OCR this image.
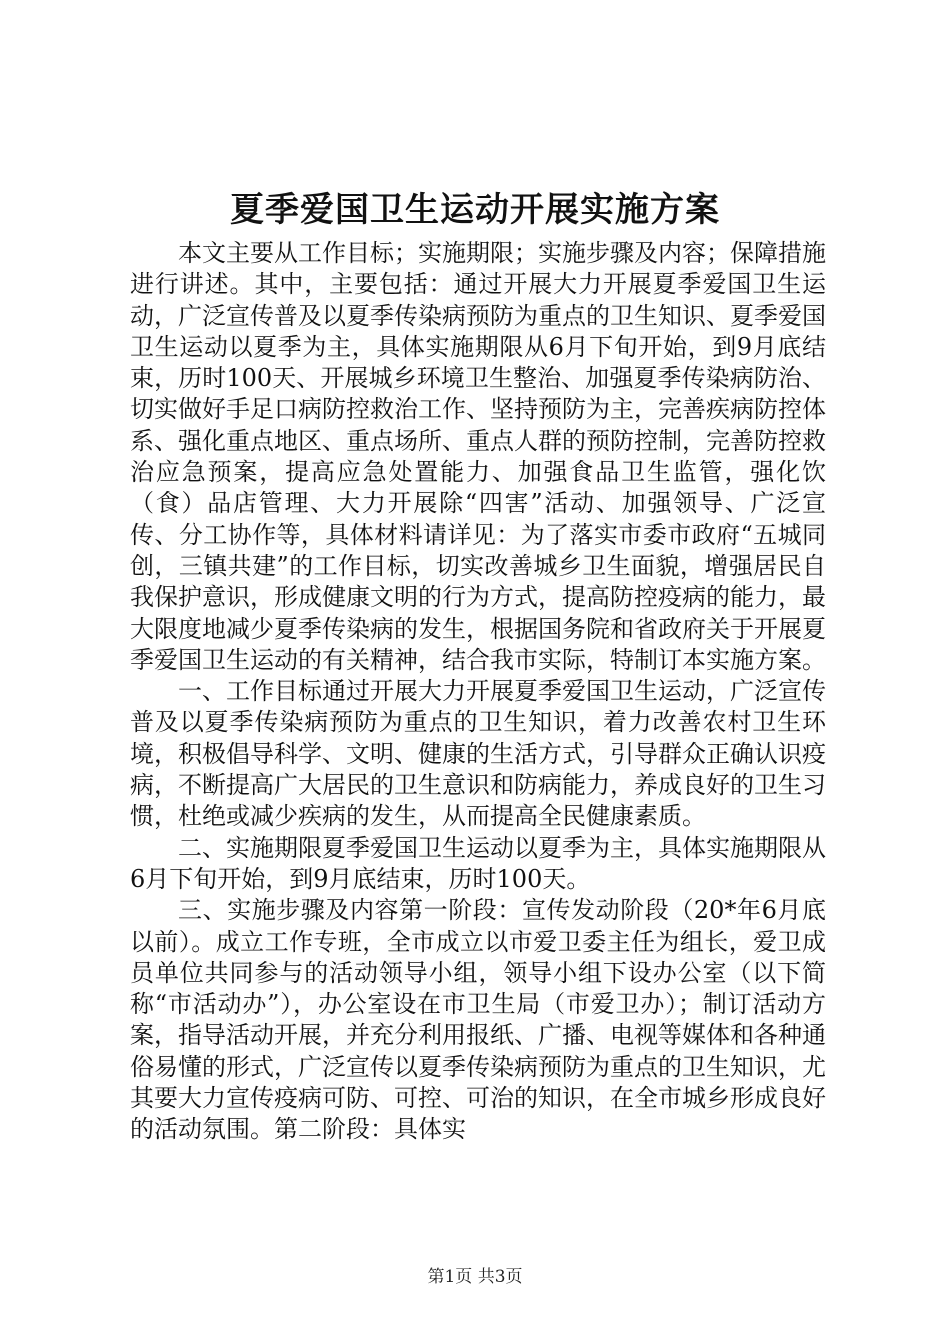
夏季爱国卫生运动开展实施方案

本文主要从工作目标；实施期限；实施步骤及内容；保障措施进行讲述。其中，主要包括：通过开展大力开展夏季爱国卫生运动，广泛宣传普及以夏季传染病预防为重点的卫生知识、夏季爱国卫生运动以夏季为主，具体实施期限从6月下旬开始，到9月底结束，历时100天、开展城乡环境卫生整治、加强夏季传染病防治、切实做好手足口病防控救治工作、坚持预防为主，完善疾病防控体系、强化重点地区、重点场所、重点人群的预防控制，完善防控救治应急预案，提高应急处置能力、加强食品卫生监管，强化饮（食）品店管理、大力开展除“四害”活动、加强领导、广泛宣传、分工协作等，具体材料请详见：为了落实市委市政府“五城同创，三镇共建”的工作目标，切实改善城乡卫生面貌，增强居民自我保护意识，形成健康文明的行为方式，提高防控疫病的能力，最大限度地减少夏季传染病的发生，根据国务院和省政府关于开展夏季爱国卫生运动的有关精神，结合我市实际，特制订本实施方案。

一、工作目标通过开展大力开展夏季爱国卫生运动，广泛宣传普及以夏季传染病预防为重点的卫生知识，着力改善农村卫生环境，积极倡导科学、文明、健康的生活方式，引导群众正确认识疫病，不断提高广大居民的卫生意识和防病能力，养成良好的卫生习惯，杜绝或减少疾病的发生，从而提高全民健康素质。

二、实施期限夏季爱国卫生运动以夏季为主，具体实施期限从6月下旬开始，到9月底结束，历时100天。

三、实施步骤及内容第一阶段：宣传发动阶段（20*年6月底以前）。成立工作专班，全市成立以市爱卫委主任为组长，爱卫成员单位共同参与的活动领导小组，领导小组下设办公室（以下简称“市活动办”），办公室设在市卫生局（市爱卫办）；制订活动方案，指导活动开展，并充分利用报纸、广播、电视等媒体和各种通俗易懂的形式，广泛宣传以夏季传染病预防为重点的卫生知识，尤其要大力宣传疫病可防、可控、可治的知识，在全市城乡形成良好的活动氛围。第二阶段：具体实

第1页 共3页
